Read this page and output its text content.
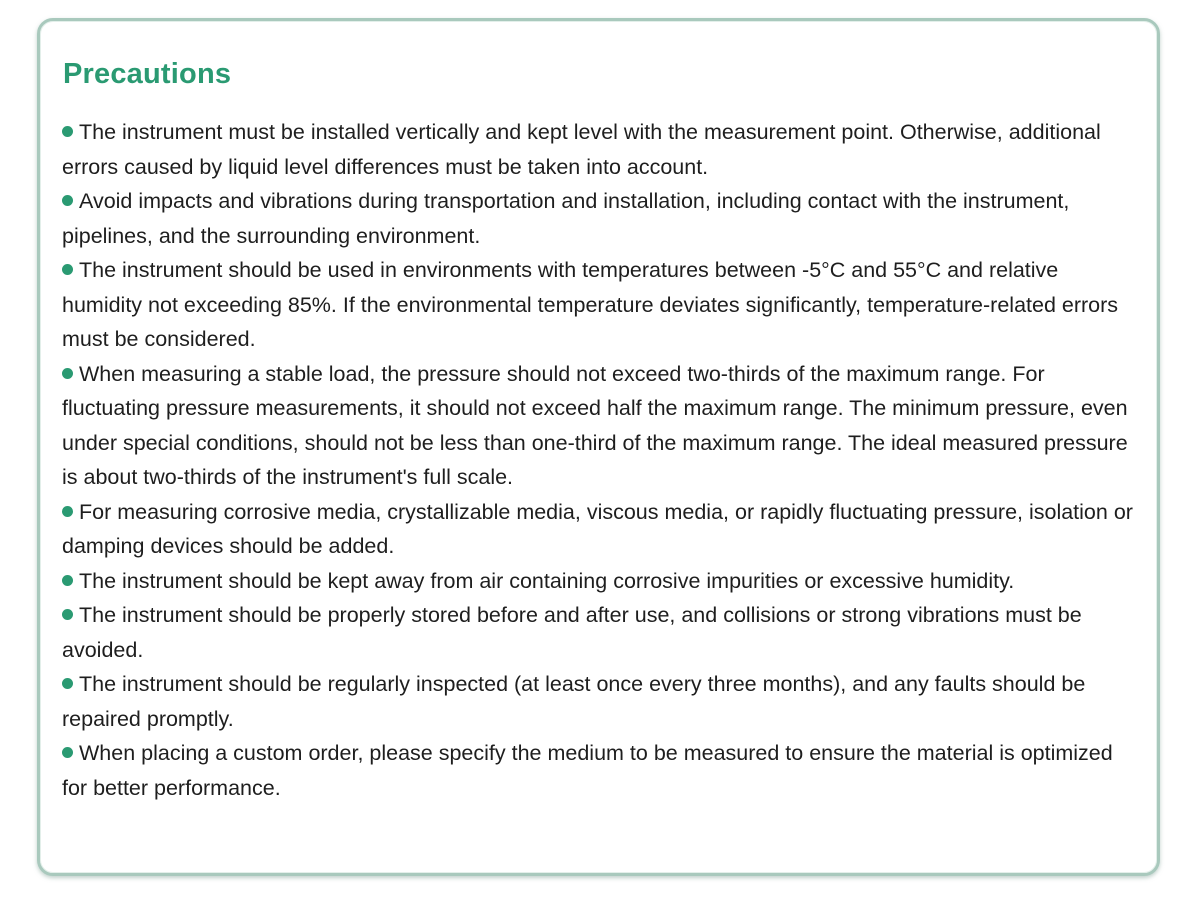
Precautions
The instrument must be installed vertically and kept level with the measurement point. Otherwise, additional errors caused by liquid level differences must be taken into account.
Avoid impacts and vibrations during transportation and installation, including contact with the instrument, pipelines, and the surrounding environment.
The instrument should be used in environments with temperatures between -5°C and 55°C and relative humidity not exceeding 85%. If the environmental temperature deviates significantly, temperature-related errors must be considered.
When measuring a stable load, the pressure should not exceed two-thirds of the maximum range. For fluctuating pressure measurements, it should not exceed half the maximum range. The minimum pressure, even under special conditions, should not be less than one-third of the maximum range. The ideal measured pressure is about two-thirds of the instrument's full scale.
For measuring corrosive media, crystallizable media, viscous media, or rapidly fluctuating pressure, isolation or damping devices should be added.
The instrument should be kept away from air containing corrosive impurities or excessive humidity.
The instrument should be properly stored before and after use, and collisions or strong vibrations must be avoided.
The instrument should be regularly inspected (at least once every three months), and any faults should be repaired promptly.
When placing a custom order, please specify the medium to be measured to ensure the material is optimized for better performance.
